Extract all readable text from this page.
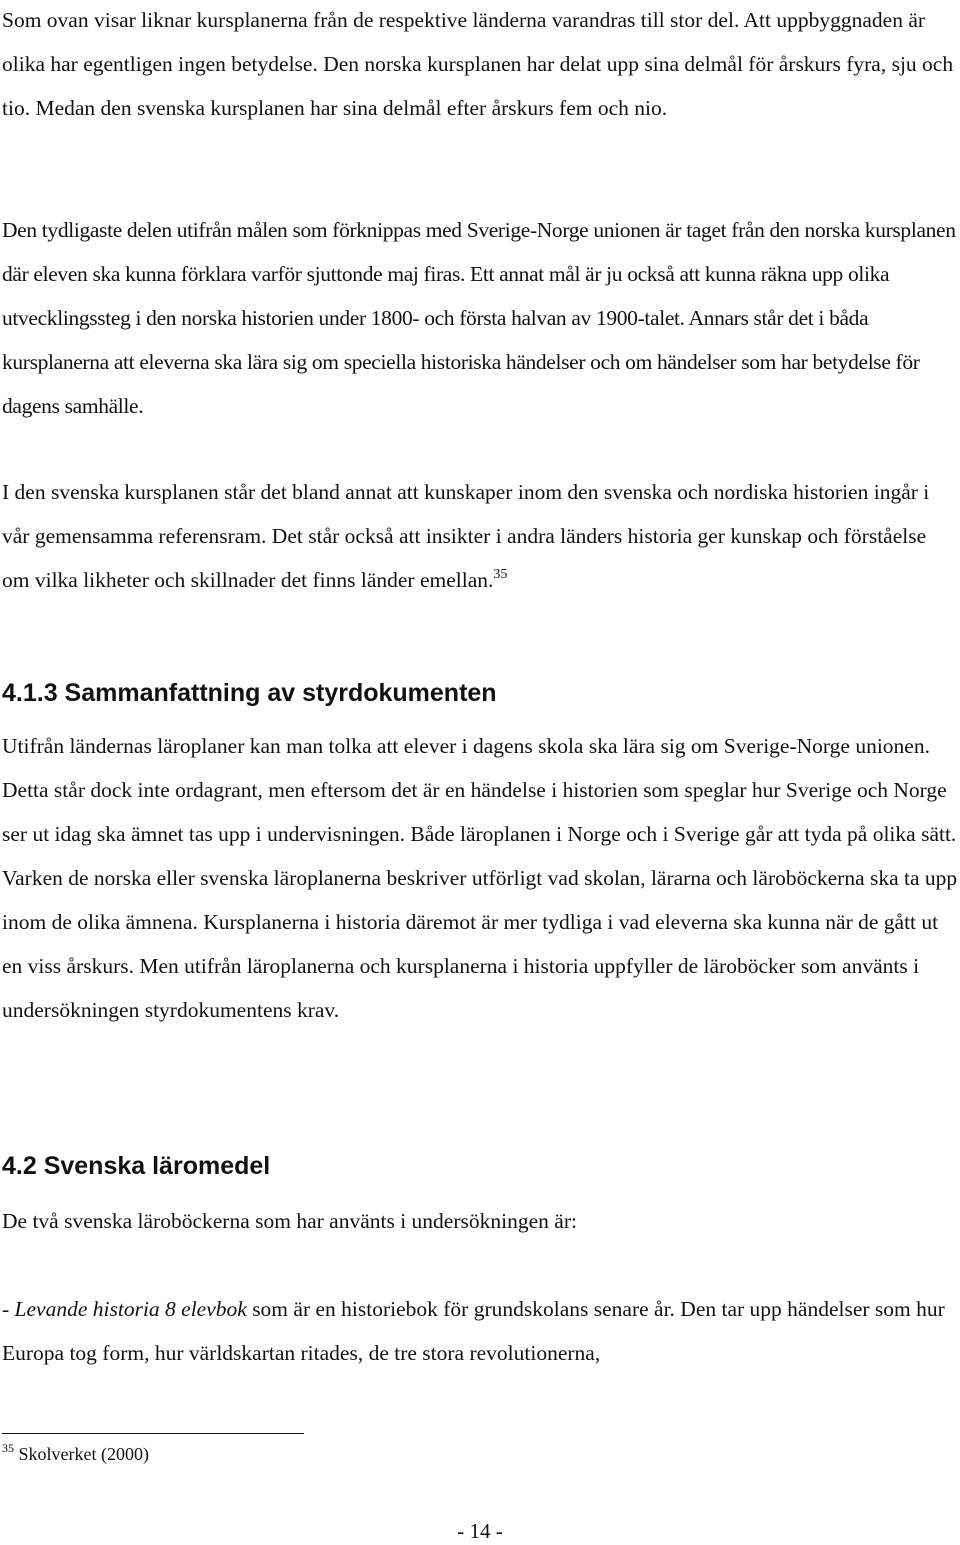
Som ovan visar liknar kursplanerna från de respektive länderna varandras till stor del. Att uppbyggnaden är olika har egentligen ingen betydelse. Den norska kursplanen har delat upp sina delmål för årskurs fyra, sju och tio. Medan den svenska kursplanen har sina delmål efter årskurs fem och nio.

Den tydligaste delen utifrån målen som förknippas med Sverige-Norge unionen är taget från den norska kursplanen där eleven ska kunna förklara varför sjuttonde maj firas. Ett annat mål är ju också att kunna räkna upp olika utvecklingssteg i den norska historien under 1800- och första halvan av 1900-talet. Annars står det i båda kursplanerna att eleverna ska lära sig om speciella historiska händelser och om händelser som har betydelse för dagens samhälle.

I den svenska kursplanen står det bland annat att kunskaper inom den svenska och nordiska historien ingår i vår gemensamma referensram. Det står också att insikter i andra länders historia ger kunskap och förståelse om vilka likheter och skillnader det finns länder emellan.$^{35}$

4.1.3 Sammanfattning av styrdokumenten

Utifrån ländernas läroplaner kan man tolka att elever i dagens skola ska lära sig om Sverige-Norge unionen. Detta står dock inte ordagrant, men eftersom det är en händelse i historien som speglar hur Sverige och Norge ser ut idag ska ämnet tas upp i undervisningen. Både läroplanen i Norge och i Sverige går att tyda på olika sätt. Varken de norska eller svenska läroplanerna beskriver utförligt vad skolan, lärarna och läroböckerna ska ta upp inom de olika ämnena. Kursplanerna i historia däremot är mer tydliga i vad eleverna ska kunna när de gått ut en viss årskurs. Men utifrån läroplanerna och kursplanerna i historia uppfyller de läroböcker som använts i undersökningen styrdokumentens krav.

4.2 Svenska läromedel

De två svenska läroböckerna som har använts i undersökningen är:

- Levande historia 8 elevbok som är en historiebok för grundskolans senare år. Den tar upp händelser som hur Europa tog form, hur världskartan ritades, de tre stora revolutionerna,

$^{35}$ Skolverket (2000)

- 14 -
